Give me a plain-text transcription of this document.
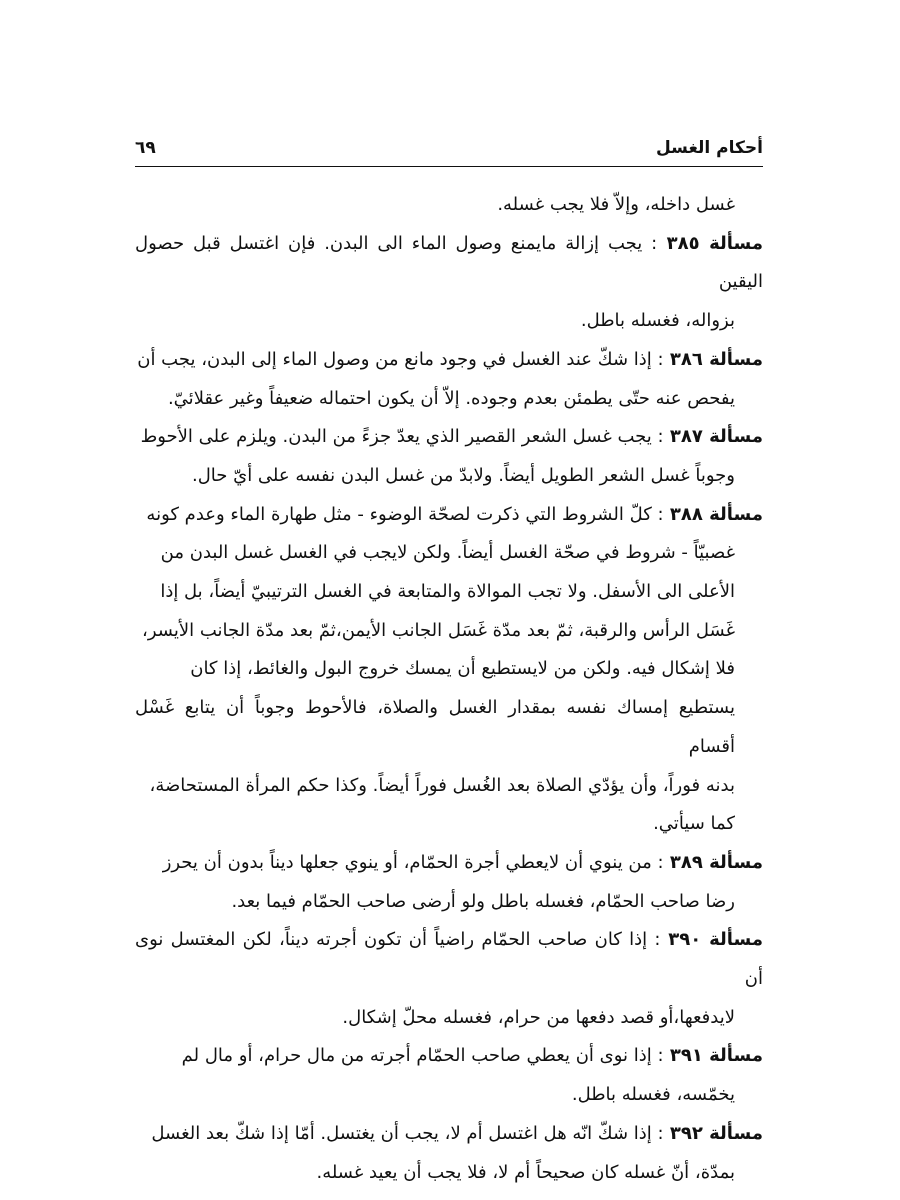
أحكام الغسل
٦٩
غسل داخله، وإلاّ فلا يجب غسله.
مسألة ٣٨٥ : يجب إزالة مايمنع وصول الماء الى البدن. فإن اغتسل قبل حصول اليقين
بزواله، فغسله باطل.
مسألة ٣٨٦ : إذا شكّ عند الغسل في وجود مانع من وصول الماء إلى البدن، يجب أن
يفحص عنه حتّى يطمئن بعدم وجوده. إلاّ أن يكون احتماله ضعيفاً وغير عقلائيّ.
مسألة ٣٨٧ : يجب غسل الشعر القصير الذي يعدّ جزءً من البدن. ويلزم على الأحوط
وجوباً غسل الشعر الطويل أيضاً. ولابدّ من غسل البدن نفسه على أيّ حال.
مسألة ٣٨٨ : كلّ الشروط التي ذكرت لصحّة الوضوء - مثل طهارة الماء وعدم كونه
غصبيّاً - شروط في صحّة الغسل أيضاً. ولكن لايجب في الغسل غسل البدن من
الأعلى الى الأسفل. ولا تجب الموالاة والمتابعة في الغسل الترتيبيّ أيضاً، بل إذا
غَسَل الرأس والرقبة، ثمّ بعد مدّة غَسَل الجانب الأيمن،ثمّ بعد مدّة الجانب الأيسر،
فلا إشكال فيه. ولكن من لايستطيع أن يمسك خروج البول والغائط، إذا كان
يستطيع إمساك نفسه بمقدار الغسل والصلاة، فالأحوط وجوباً أن يتابع غَسْل أقسام
بدنه فوراً، وأن يؤدّي الصلاة بعد الغُسل فوراً أيضاً. وكذا حكم المرأة المستحاضة،
كما سيأتي.
مسألة ٣٨٩ : من ينوي أن لايعطي أجرة الحمّام، أو ينوي جعلها ديناً بدون أن يحرز
رضا صاحب الحمّام، فغسله باطل ولو أرضى صاحب الحمّام فيما بعد.
مسألة ٣٩٠ : إذا كان صاحب الحمّام راضياً أن تكون أجرته ديناً، لكن المغتسل نوى أن
لايدفعها،أو قصد دفعها من حرام، فغسله محلّ إشكال.
مسألة ٣٩١ : إذا نوى أن يعطي صاحب الحمّام أجرته من مال حرام، أو مال لم
يخمّسه، فغسله باطل.
مسألة ٣٩٢ : إذا شكّ انّه هل اغتسل أم لا، يجب أن يغتسل. أمّا إذا شكّ بعد الغسل
بمدّة، أنّ غسله كان صحيحاً أم لا، فلا يجب أن يعيد غسله.
